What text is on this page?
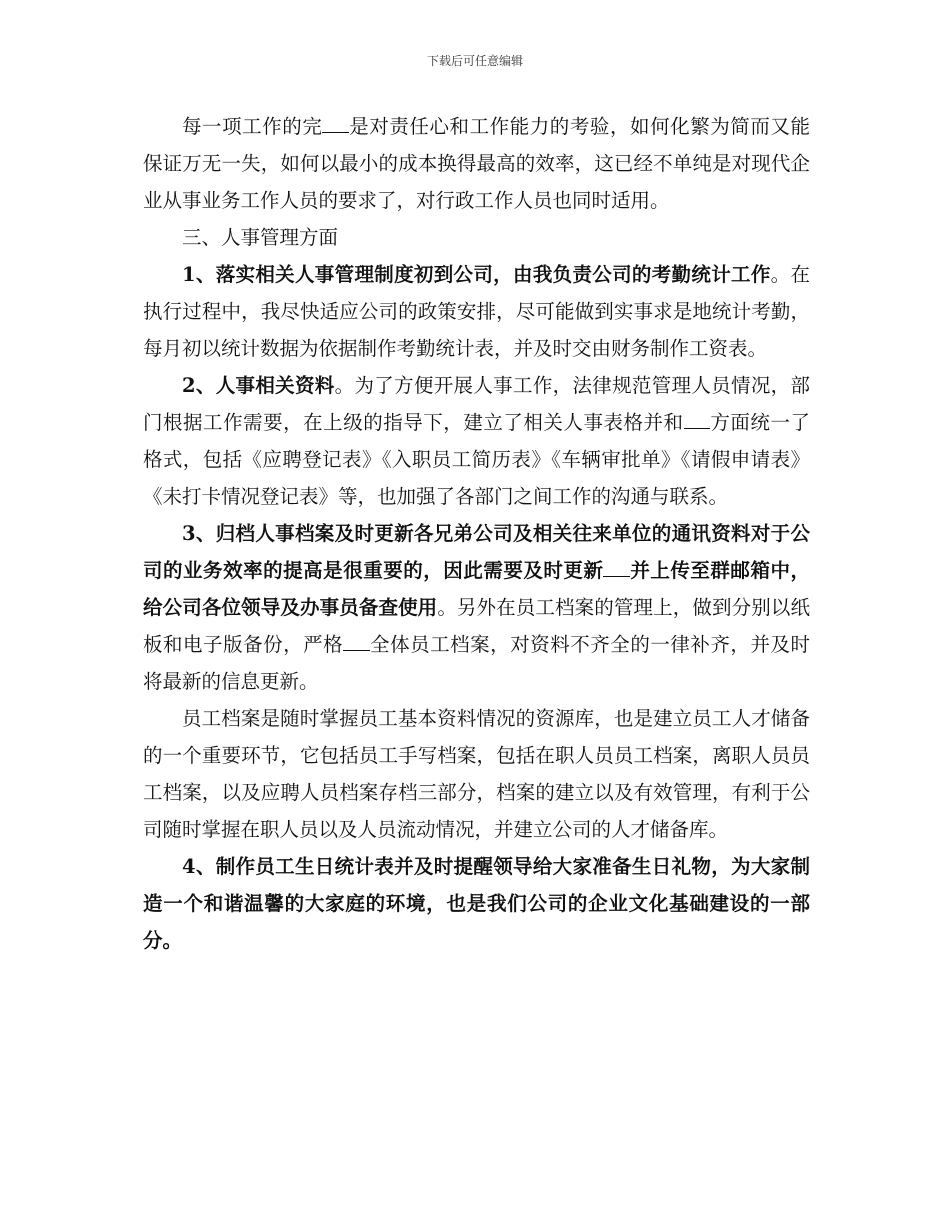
下载后可任意编辑

每一项工作的完 是对责任心和工作能力的考验，如何化繁为简而又能保证万无一失，如何以最小的成本换得最高的效率，这已经不单纯是对现代企业从事业务工作人员的要求了，对行政工作人员也同时适用。

三、人事管理方面

1、落实相关人事管理制度初到公司，由我负责公司的考勤统计工作。在执行过程中，我尽快适应公司的政策安排，尽可能做到实事求是地统计考勤，每月初以统计数据为依据制作考勤统计表，并及时交由财务制作工资表。

2、人事相关资料。为了方便开展人事工作，法律规范管理人员情况，部门根据工作需要，在上级的指导下，建立了相关人事表格并和 方面统一了格式，包括《应聘登记表》《入职员工简历表》《车辆审批单》《请假申请表》《未打卡情况登记表》等，也加强了各部门之间工作的沟通与联系。

3、归档人事档案及时更新各兄弟公司及相关往来单位的通讯资料对于公司的业务效率的提高是很重要的，因此需要及时更新 并上传至群邮箱中，给公司各位领导及办事员备查使用。另外在员工档案的管理上，做到分别以纸板和电子版备份，严格 全体员工档案，对资料不齐全的一律补齐，并及时将最新的信息更新。

员工档案是随时掌握员工基本资料情况的资源库，也是建立员工人才储备的一个重要环节，它包括员工手写档案，包括在职人员员工档案，离职人员员工档案，以及应聘人员档案存档三部分，档案的建立以及有效管理，有利于公司随时掌握在职人员以及人员流动情况，并建立公司的人才储备库。

4、制作员工生日统计表并及时提醒领导给大家准备生日礼物，为大家制造一个和谐温馨的大家庭的环境，也是我们公司的企业文化基础建设的一部分。
